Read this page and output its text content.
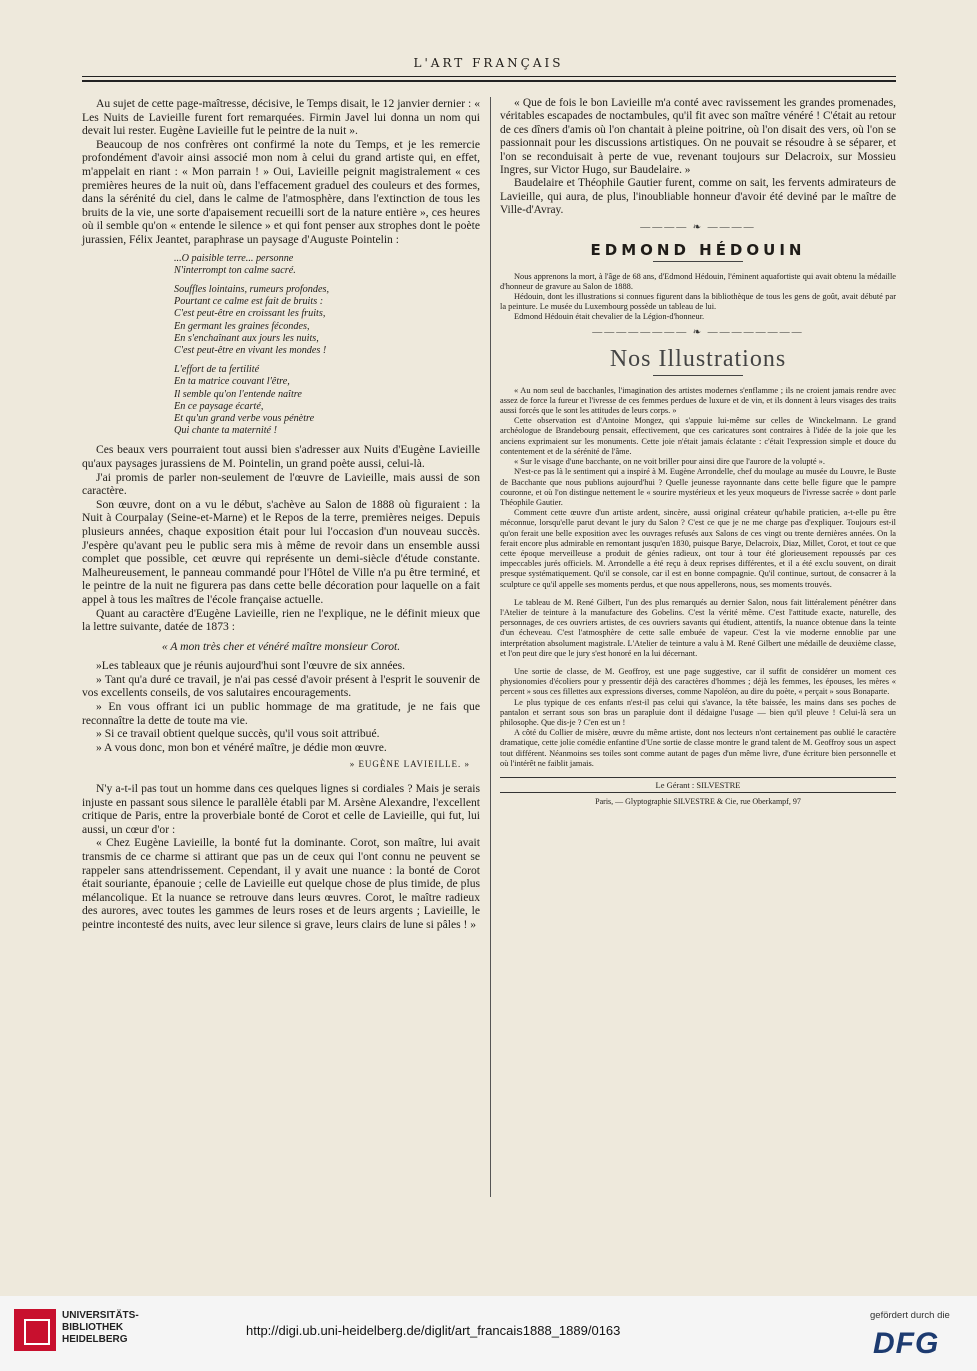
L'ART FRANÇAIS

Au sujet de cette page-maîtresse, décisive, le Temps disait, le 12 janvier dernier : « Les Nuits de Lavieille furent fort remarquées. Firmin Javel lui donna un nom qui devait lui rester. Eugène Lavieille fut le peintre de la nuit ».

Beaucoup de nos confrères ont confirmé la note du Temps, et je les remercie profondément d'avoir ainsi associé mon nom à celui du grand artiste qui, en effet, m'appelait en riant : « Mon parrain ! » Oui, Lavieille peignit magistralement « ces premières heures de la nuit où, dans l'effacement graduel des couleurs et des formes, dans la sérénité du ciel, dans le calme de l'atmosphère, dans l'extinction de tous les bruits de la vie, une sorte d'apaisement recueilli sort de la nature entière », ces heures où il semble qu'on « entende le silence » et qui font penser aux strophes dont le poète jurassien, Félix Jeantet, paraphrase un paysage d'Auguste Pointelin :

...O paisible terre... personne
N'interrompt ton calme sacré.
Souffles lointains, rumeurs profondes,
Pourtant ce calme est fait de bruits :
C'est peut-être en croissant les fruits,
En germant les graines fécondes,
En s'enchaînant aux jours les nuits,
C'est peut-être en vivant les mondes !
L'effort de ta fertilité
En ta matrice couvant l'être,
Il semble qu'on l'entende naître
En ce paysage écarté,
Et qu'un grand verbe vous pénètre
Qui chante ta maternité !

Ces beaux vers pourraient tout aussi bien s'adresser aux Nuits d'Eugène Lavieille qu'aux paysages jurassiens de M. Pointelin, un grand poète aussi, celui-là.

J'ai promis de parler non-seulement de l'œuvre de Lavieille, mais aussi de son caractère.

Son œuvre, dont on a vu le début, s'achève au Salon de 1888 où figuraient : la Nuit à Courpalay (Seine-et-Marne) et le Repos de la terre, premières neiges. Depuis plusieurs années, chaque exposition était pour lui l'occasion d'un nouveau succès. J'espère qu'avant peu le public sera mis à même de revoir dans un ensemble aussi complet que possible, cet œuvre qui représente un demi-siècle d'étude constante. Malheureusement, le panneau commandé pour l'Hôtel de Ville n'a pu être terminé, et le peintre de la nuit ne figurera pas dans cette belle décoration pour laquelle on a fait appel à tous les maîtres de l'école française actuelle.

Quant au caractère d'Eugène Lavieille, rien ne l'explique, ne le définit mieux que la lettre suivante, datée de 1873 :

« A mon très cher et vénéré maître monsieur Corot.

»Les tableaux que je réunis aujourd'hui sont l'œuvre de six années.

» Tant qu'a duré ce travail, je n'ai pas cessé d'avoir présent à l'esprit le souvenir de vos excellents conseils, de vos salutaires encouragements.

» En vous offrant ici un public hommage de ma gratitude, je ne fais que reconnaître la dette de toute ma vie.

» Si ce travail obtient quelque succès, qu'il vous soit attribué.

» A vous donc, mon bon et vénéré maître, je dédie mon œuvre.

» EUGÈNE LAVIEILLE. »

N'y a-t-il pas tout un homme dans ces quelques lignes si cordiales ? Mais je serais injuste en passant sous silence le parallèle établi par M. Arsène Alexandre, l'excellent critique de Paris, entre la proverbiale bonté de Corot et celle de Lavieille, qui fut, lui aussi, un cœur d'or :

« Chez Eugène Lavieille, la bonté fut la dominante. Corot, son maître, lui avait transmis de ce charme si attirant que pas un de ceux qui l'ont connu ne peuvent se rappeler sans attendrissement. Cependant, il y avait une nuance : la bonté de Corot était souriante, épanouie ; celle de Lavieille eut quelque chose de plus timide, de plus mélancolique. Et la nuance se retrouve dans leurs œuvres. Corot, le maître radieux des aurores, avec toutes les gammes de leurs roses et de leurs argents ; Lavieille, le peintre incontesté des nuits, avec leur silence si grave, leurs clairs de lune si pâles ! »

« Que de fois le bon Lavieille m'a conté avec ravissement les grandes promenades, véritables escapades de noctambules, qu'il fit avec son maître vénéré ! C'était au retour de ces dîners d'amis où l'on chantait à pleine poitrine, où l'on disait des vers, où l'on se passionnait pour les discussions artistiques. On ne pouvait se résoudre à se séparer, et l'on se reconduisait à perte de vue, revenant toujours sur Delacroix, sur Mossieu Ingres, sur Victor Hugo, sur Baudelaire. »

Baudelaire et Théophile Gautier furent, comme on sait, les fervents admirateurs de Lavieille, qui aura, de plus, l'inoubliable honneur d'avoir été deviné par le maître de Ville-d'Avray.

———— ❧ ————
EDMOND HÉDOUIN

Nous apprenons la mort, à l'âge de 68 ans, d'Edmond Hédouin, l'éminent aquafortiste qui avait obtenu la médaille d'honneur de gravure au Salon de 1888.

Hédouin, dont les illustrations si connues figurent dans la bibliothèque de tous les gens de goût, avait débuté par la peinture. Le musée du Luxembourg possède un tableau de lui.

Edmond Hédouin était chevalier de la Légion-d'honneur.

———————— ❧ ————————
Nos Illustrations

« Au nom seul de bacchanles, l'imagination des artistes modernes s'enflamme ; ils ne croient jamais rendre avec assez de force la fureur et l'ivresse de ces femmes perdues de luxure et de vin, et ils donnent à leurs visages des traits aussi forcés que le sont les attitudes de leurs corps. »

Cette observation est d'Antoine Mongez, qui s'appuie lui-même sur celles de Winckelmann. Le grand archéologue de Brandebourg pensait, effectivement, que ces caricatures sont contraires à l'idée de la joie que les anciens exprimaient sur les monuments. Cette joie n'était jamais éclatante : c'était l'expression simple et douce du contentement et de la sérénité de l'âme.

« Sur le visage d'une bacchante, on ne voit briller pour ainsi dire que l'aurore de la volupté ».

N'est-ce pas là le sentiment qui a inspiré à M. Eugène Arrondelle, chef du moulage au musée du Louvre, le Buste de Bacchante que nous publions aujourd'hui ? Quelle jeunesse rayonnante dans cette belle figure que le pampre couronne, et où l'on distingue nettement le « sourire mystérieux et les yeux moqueurs de l'ivresse sacrée » dont parle Théophile Gautier.

Comment cette œuvre d'un artiste ardent, sincère, aussi original créateur qu'habile praticien, a-t-elle pu être méconnue, lorsqu'elle parut devant le jury du Salon ? C'est ce que je ne me charge pas d'expliquer. Toujours est-il qu'on ferait une belle exposition avec les ouvrages refusés aux Salons de ces vingt ou trente dernières années. On la ferait encore plus admirable en remontant jusqu'en 1830, puisque Barye, Delacroix, Diaz, Millet, Corot, et tout ce que cette époque merveilleuse a produit de génies radieux, ont tour à tour été glorieusement repoussés par ces impeccables jurés officiels. M. Arrondelle a été reçu à deux reprises différentes, et il a été exclu souvent, on dirait presque systématiquement. Qu'il se console, car il est en bonne compagnie. Qu'il continue, surtout, de consacrer à la sculpture ce qu'il appelle ses moments perdus, et que nous appellerons, nous, ses moments trouvés.

Le tableau de M. René Gilbert, l'un des plus remarqués au dernier Salon, nous fait littéralement pénétrer dans l'Atelier de teinture à la manufacture des Gobelins. C'est la vérité même. C'est l'attitude exacte, naturelle, des personnages, de ces ouvriers artistes, de ces ouvriers savants qui étudient, attentifs, la nuance obtenue dans la teinte d'un écheveau. C'est l'atmosphère de cette salle embuée de vapeur. C'est la vie moderne ennoblie par une interprétation absolument magistrale. L'Atelier de teinture a valu à M. René Gilbert une médaille de deuxième classe, et l'on peut dire que le jury s'est honoré en la lui décernant.

Une sortie de classe, de M. Geoffroy, est une page suggestive, car il suffit de considérer un moment ces physionomies d'écoliers pour y pressentir déjà des caractères d'hommes ; déjà les femmes, les épouses, les mères « percent » sous ces fillettes aux expressions diverses, comme Napoléon, au dire du poète, « perçait » sous Bonaparte.

Le plus typique de ces enfants n'est-il pas celui qui s'avance, la tête baissée, les mains dans ses poches de pantalon et serrant sous son bras un parapluie dont il dédaigne l'usage — bien qu'il pleuve ! Celui-là sera un philosophe. Que dis-je ? C'en est un !

A côté du Collier de misère, œuvre du même artiste, dont nos lecteurs n'ont certainement pas oublié le caractère dramatique, cette jolie comédie enfantine d'Une sortie de classe montre le grand talent de M. Geoffroy sous un aspect tout différent. Néanmoins ses toiles sont comme autant de pages d'un même livre, d'une écriture bien personnelle et où l'intérêt ne faiblit jamais.

Le Gérant : SILVESTRE

Paris, — Glyptographie SILVESTRE & Cie, rue Oberkampf, 97

UNIVERSITÄTS-
BIBLIOTHEK
HEIDELBERG
http://digi.ub.uni-heidelberg.de/diglit/art_francais1888_1889/0163
gefördert durch die
DFG
